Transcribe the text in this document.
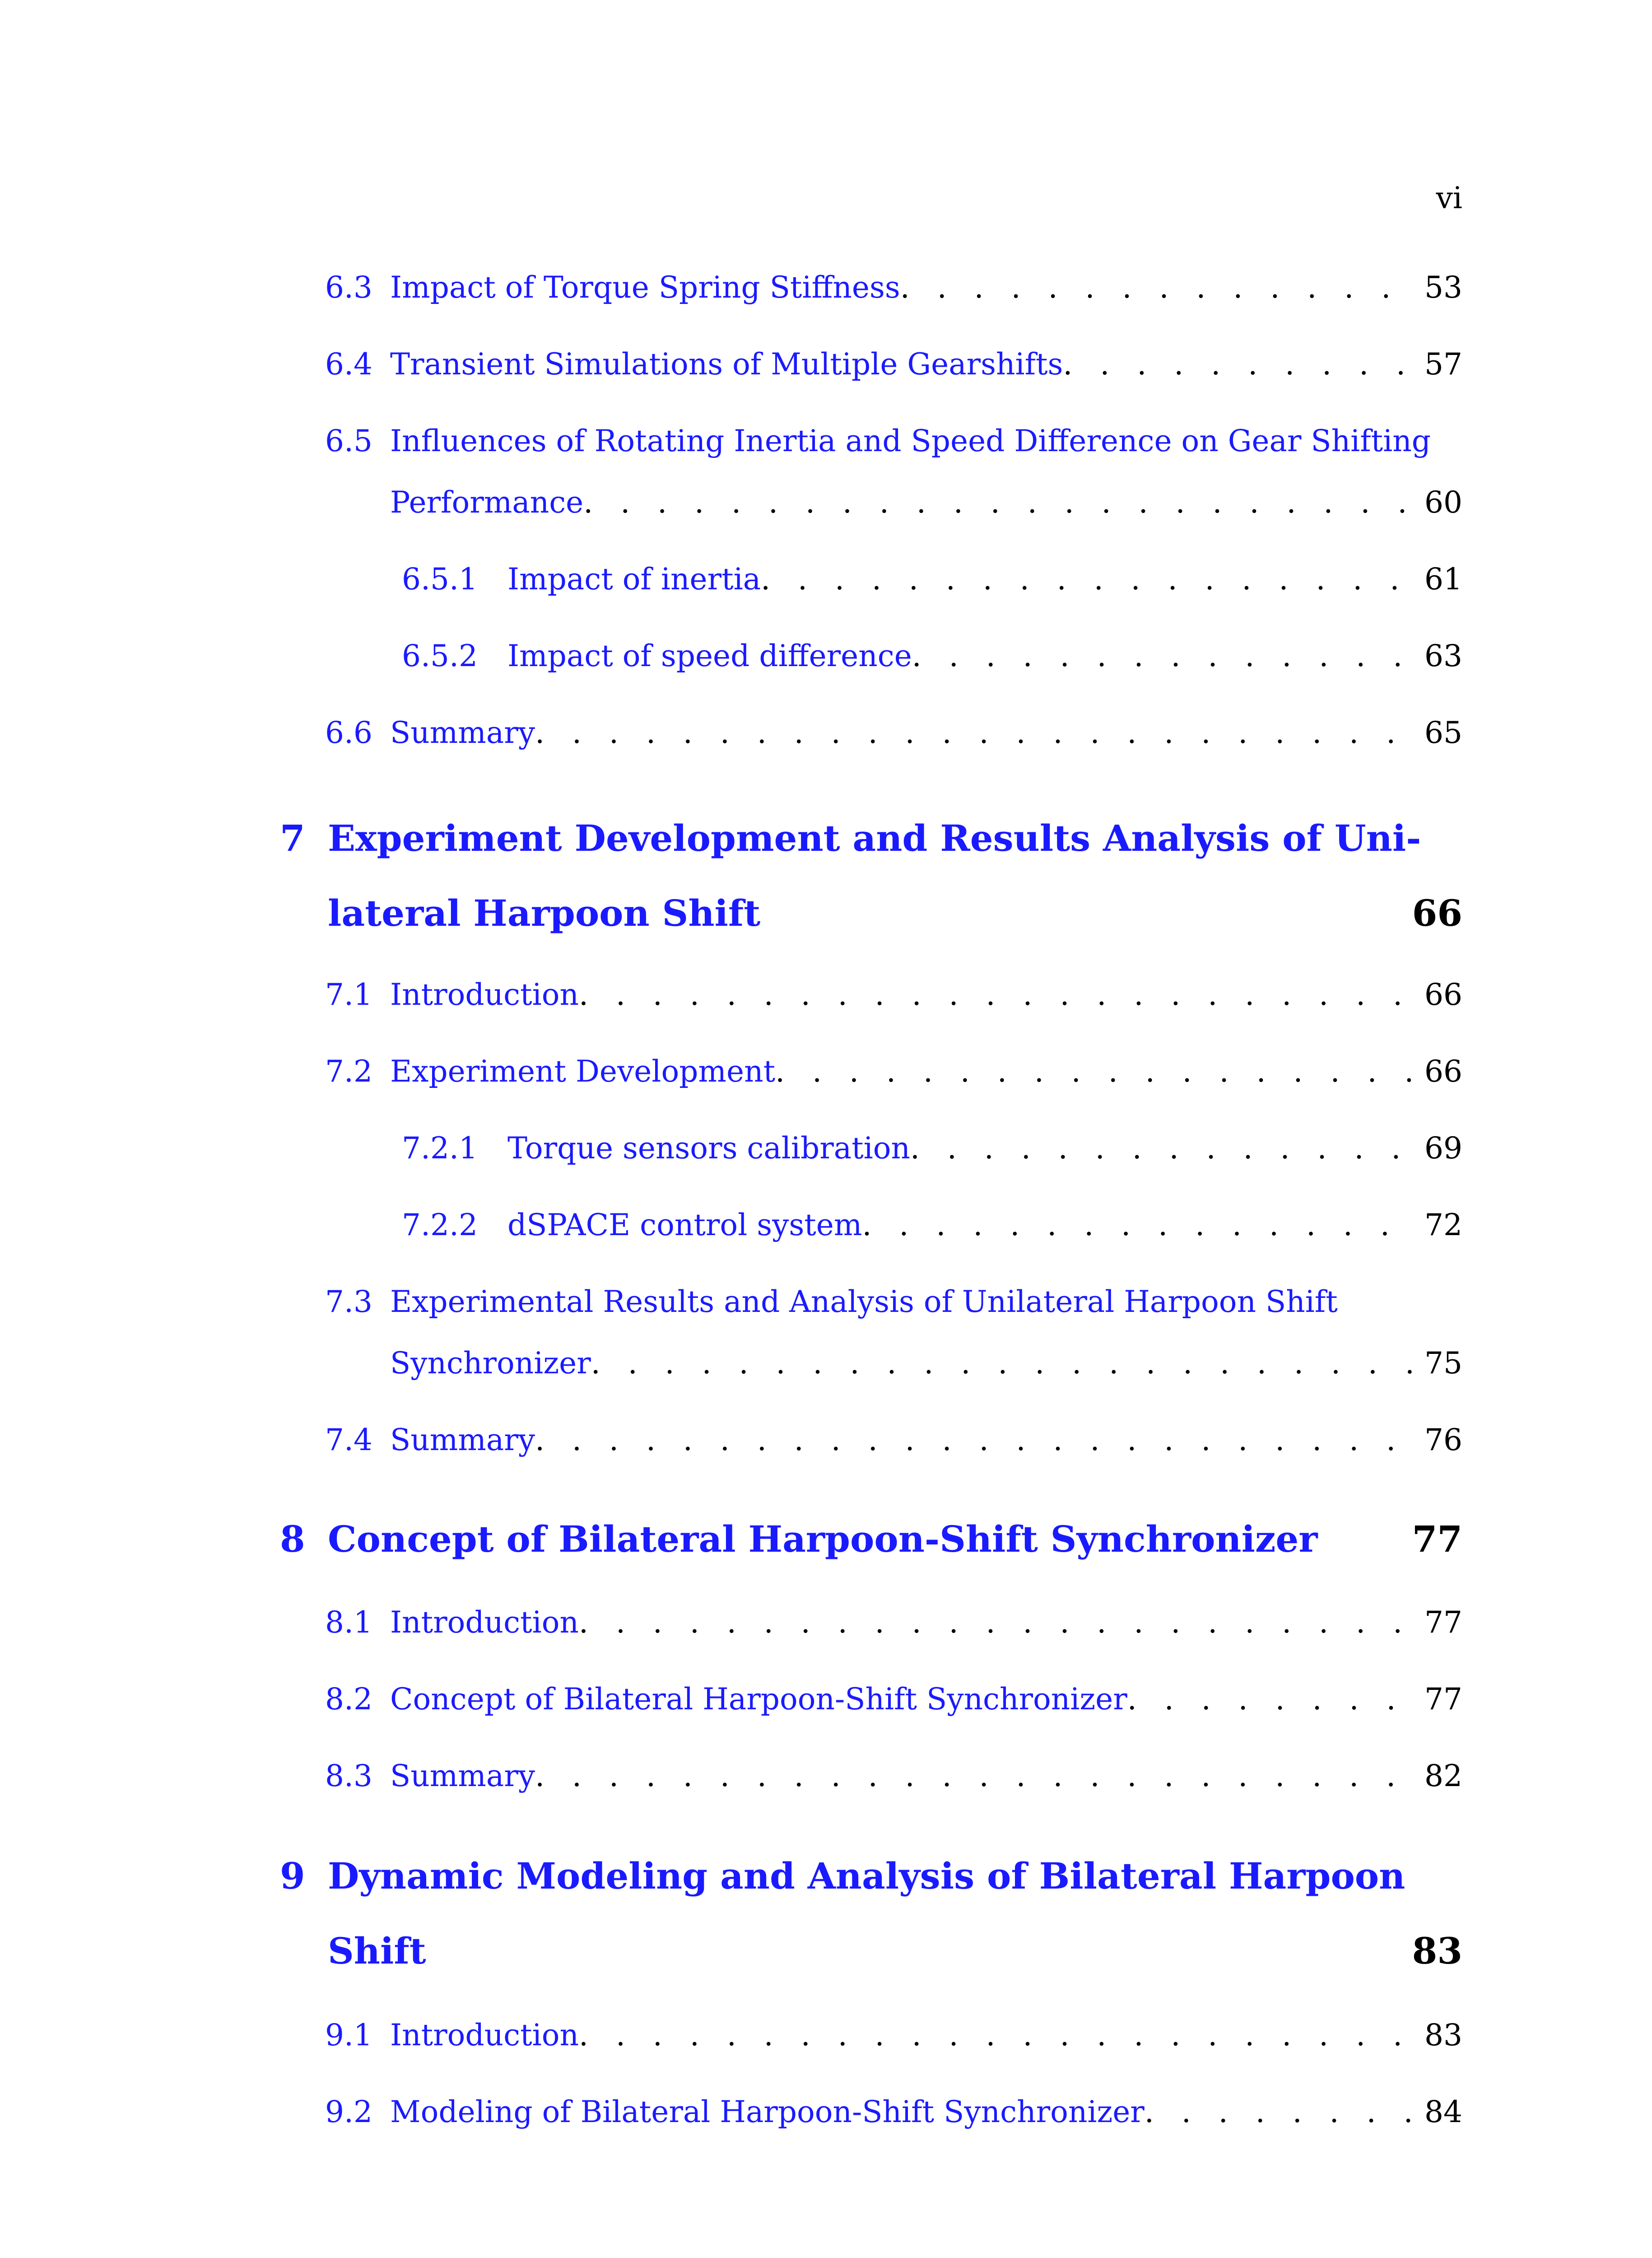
vi
6.3 Impact of Torque Spring Stiffness . . .	53
6.4 Transient Simulations of Multiple Gearshifts . . .	57
6.5 Influences of Rotating Inertia and Speed Difference on Gear Shifting
Performance . . .	60
6.5.1	Impact of inertia . . .	61
6.5.2	Impact of speed difference . . .	63
6.6 Summary . . .	65
7 Experiment Development and Results Analysis of Uni-
lateral Harpoon Shift	66
7.1 Introduction . . .	66
7.2 Experiment Development . . .	66
7.2.1	Torque sensors calibration . . .	69
7.2.2	dSPACE control system . . .	72
7.3 Experimental Results and Analysis of Unilateral Harpoon Shift
Synchronizer . . .	75
7.4 Summary . . .	76
8 Concept of Bilateral Harpoon-Shift Synchronizer	77
8.1 Introduction . . .	77
8.2 Concept of Bilateral Harpoon-Shift Synchronizer . . .	77
8.3 Summary . . .	82
9 Dynamic Modeling and Analysis of Bilateral Harpoon
Shift	83
9.1 Introduction . . .	83
9.2 Modeling of Bilateral Harpoon-Shift Synchronizer . . .	84
